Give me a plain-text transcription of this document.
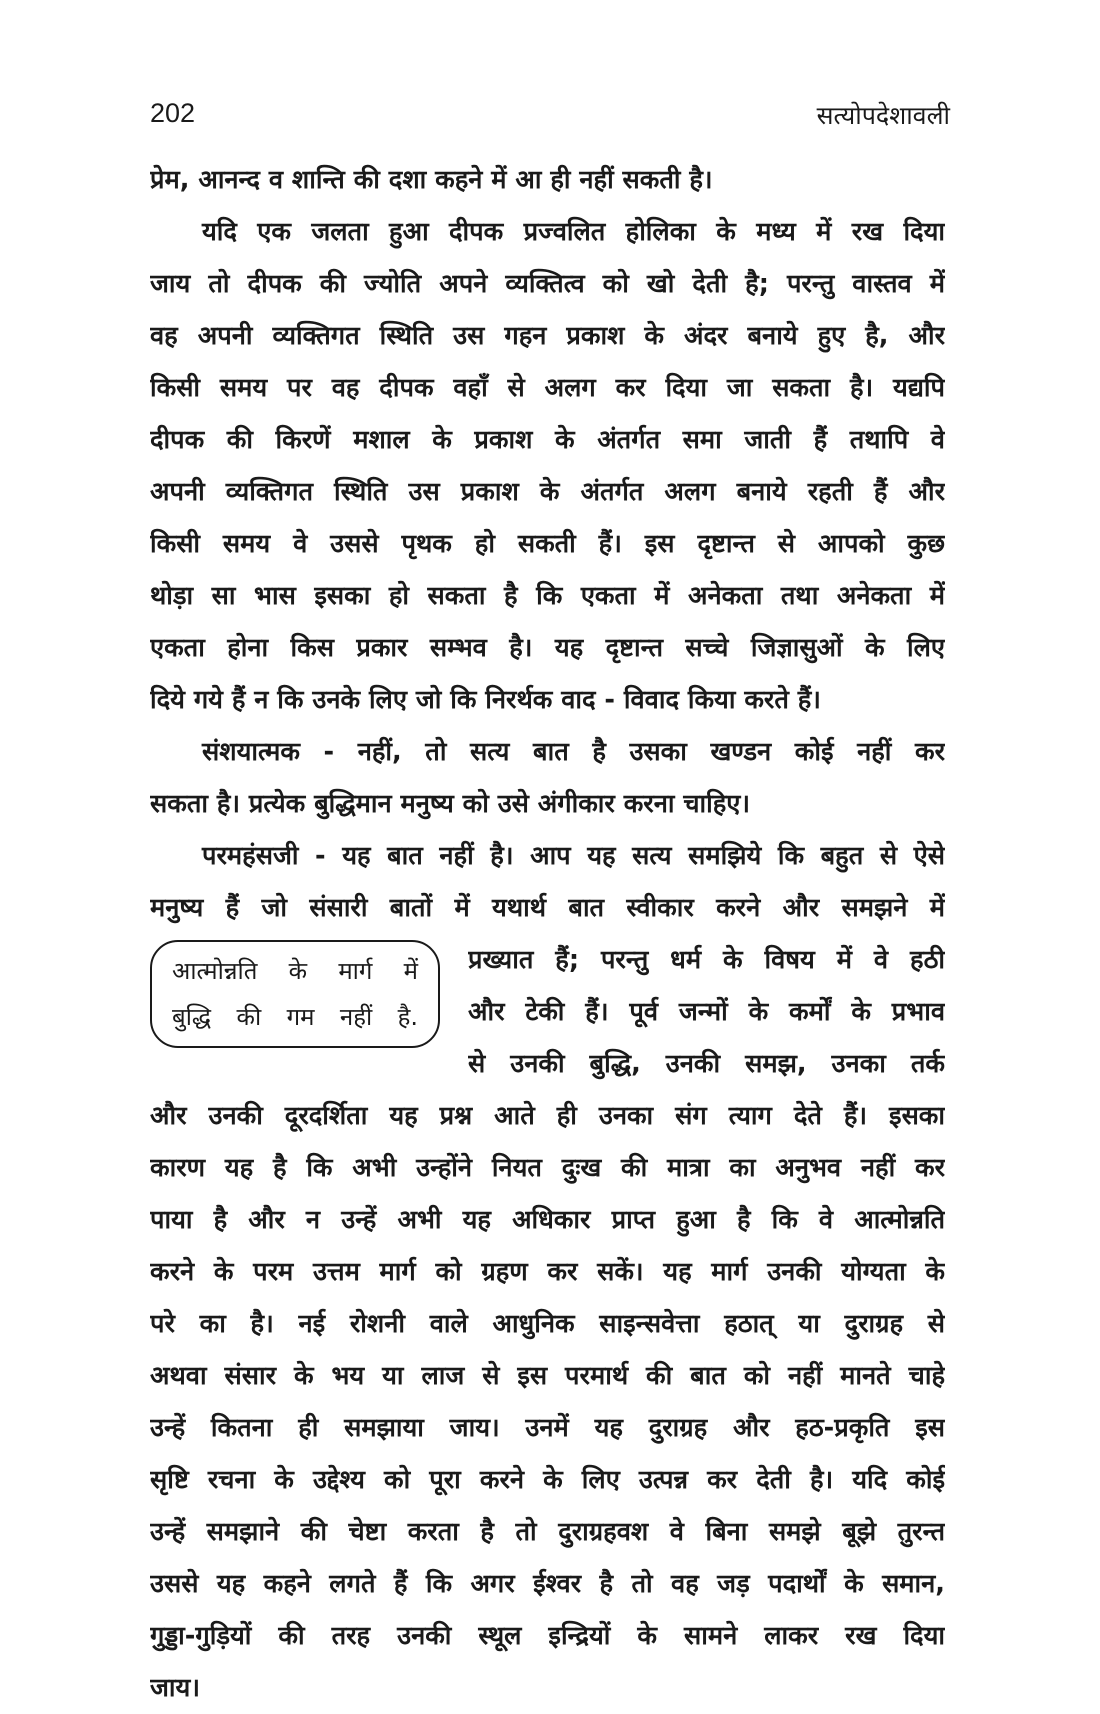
202	सत्योपदेशावली
प्रेम, आनन्द व शान्ति की दशा कहने में आ ही नहीं सकती है।
यदि एक जलता हुआ दीपक प्रज्वलित होलिका के मध्य में रख दिया
जाय तो दीपक की ज्योति अपने व्यक्तित्व को खो देती है; परन्तु वास्तव में
वह अपनी व्यक्तिगत स्थिति उस गहन प्रकाश के अंदर बनाये हुए है, और
किसी समय पर वह दीपक वहाँ से अलग कर दिया जा सकता है। यद्यपि
दीपक की किरणें मशाल के प्रकाश के अंतर्गत समा जाती हैं तथापि वे
अपनी व्यक्तिगत स्थिति उस प्रकाश के अंतर्गत अलग बनाये रहती हैं और
किसी समय वे उससे पृथक हो सकती हैं। इस दृष्टान्त से आपको कुछ
थोड़ा सा भास इसका हो सकता है कि एकता में अनेकता तथा अनेकता में
एकता होना किस प्रकार सम्भव है। यह दृष्टान्त सच्चे जिज्ञासुओं के लिए
दिये गये हैं न कि उनके लिए जो कि निरर्थक वाद - विवाद किया करते हैं।
संशयात्मक - नहीं, तो सत्य बात है उसका खण्डन कोई नहीं कर
सकता है। प्रत्येक बुद्धिमान मनुष्य को उसे अंगीकार करना चाहिए।
परमहंसजी - यह बात नहीं है। आप यह सत्य समझिये कि बहुत से ऐसे
मनुष्य हैं जो संसारी बातों में यथार्थ बात स्वीकार करने और समझने में
आत्मोन्नति के मार्ग में
बुद्धि की गम नहीं है.
प्रख्यात हैं; परन्तु धर्म के विषय में वे हठी
और टेकी हैं। पूर्व जन्मों के कर्मों के प्रभाव
से उनकी बुद्धि, उनकी समझ, उनका तर्क
और उनकी दूरदर्शिता यह प्रश्न आते ही उनका संग त्याग देते हैं। इसका
कारण यह है कि अभी उन्होंने नियत दुःख की मात्रा का अनुभव नहीं कर
पाया है और न उन्हें अभी यह अधिकार प्राप्त हुआ है कि वे आत्मोन्नति
करने के परम उत्तम मार्ग को ग्रहण कर सकें। यह मार्ग उनकी योग्यता के
परे का है। नई रोशनी वाले आधुनिक साइन्सवेत्ता हठात् या दुराग्रह से
अथवा संसार के भय या लाज से इस परमार्थ की बात को नहीं मानते चाहे
उन्हें कितना ही समझाया जाय। उनमें यह दुराग्रह और हठ-प्रकृति इस
सृष्टि रचना के उद्देश्य को पूरा करने के लिए उत्पन्न कर देती है। यदि कोई
उन्हें समझाने की चेष्टा करता है तो दुराग्रहवश वे बिना समझे बूझे तुरन्त
उससे यह कहने लगते हैं कि अगर ईश्वर है तो वह जड़ पदार्थों के समान,
गुड्डा-गुड़ियों की तरह उनकी स्थूल इन्द्रियों के सामने लाकर रख दिया
जाय।
